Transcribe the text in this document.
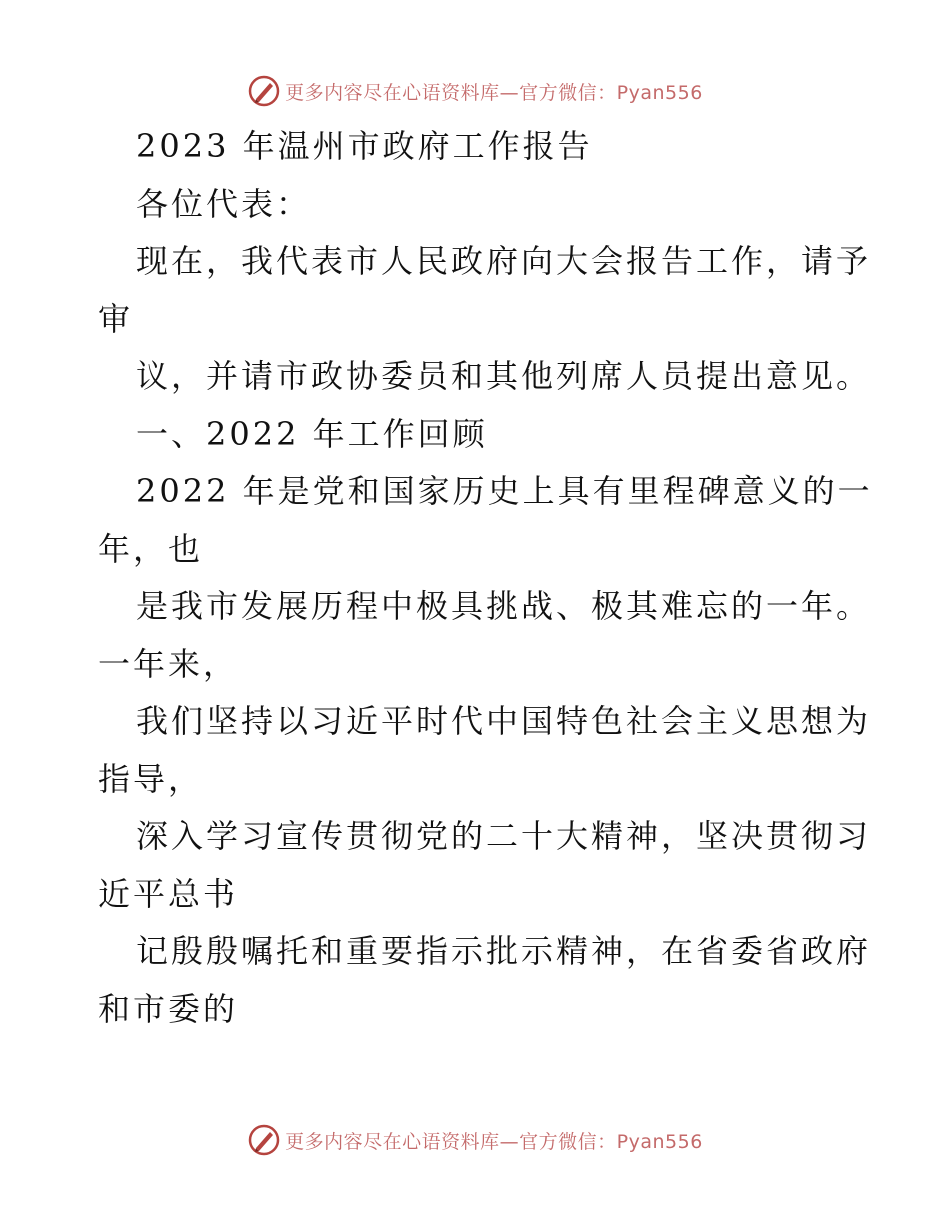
更多内容尽在心语资料库—官方微信：Pyan556
2023 年温州市政府工作报告
各位代表：
现在，我代表市人民政府向大会报告工作，请予
审
议，并请市政协委员和其他列席人员提出意见。
一、2022 年工作回顾
2022 年是党和国家历史上具有里程碑意义的一
年，也
是我市发展历程中极具挑战、极其难忘的一年。
一年来，
我们坚持以习近平时代中国特色社会主义思想为
指导，
深入学习宣传贯彻党的二十大精神，坚决贯彻习
近平总书
记殷殷嘱托和重要指示批示精神，在省委省政府
和市委的
更多内容尽在心语资料库—官方微信：Pyan556
